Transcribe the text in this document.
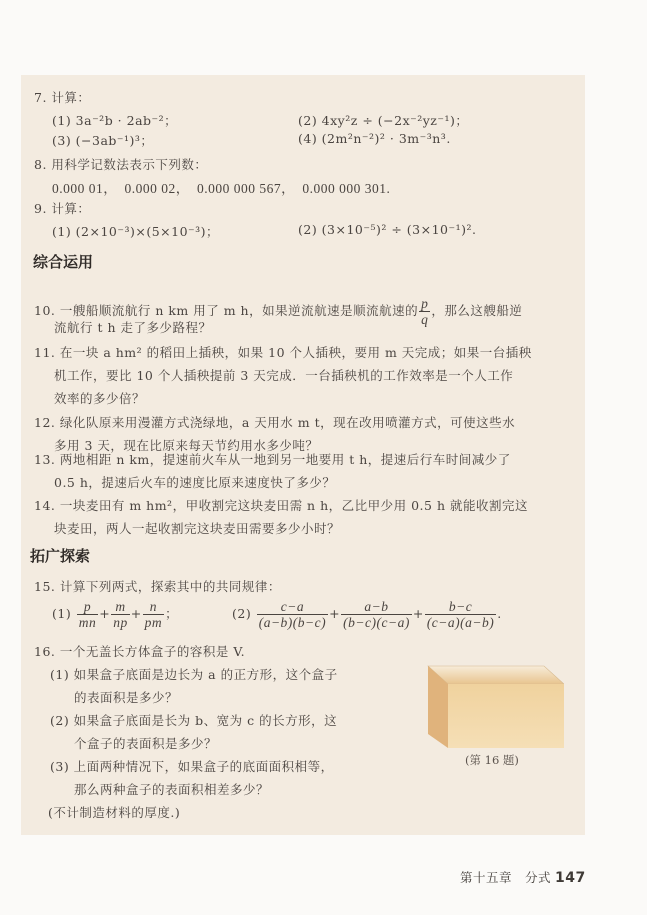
7. 计算：
(1) 3a⁻²b · 2ab⁻²；	(2) 4xy²z ÷ (−2x⁻²yz⁻¹)；
(3) (−3ab⁻¹)³；	(4) (2m²n⁻²)² · 3m⁻³n³.
8. 用科学记数法表示下列数：
0.000 01，　0.000 02，　0.000 000 567，　0.000 000 301.
9. 计算：
(1) (2×10⁻³)×(5×10⁻³)；	(2) (3×10⁻⁵)² ÷ (3×10⁻¹)².
综合运用
10. 一艘船顺流航行 n km 用了 m h，如果逆流航速是顺流航速的 $\frac{p}{q}$ ，那么这艘船逆
流航行 t h 走了多少路程？
11. 在一块 a hm² 的稻田上插秧，如果 10 个人插秧，要用 m 天完成；如果一台插秧
机工作，要比 10 个人插秧提前 3 天完成．一台插秧机的工作效率是一个人工作
效率的多少倍？
12. 绿化队原来用漫灌方式浇绿地，a 天用水 m t，现在改用喷灌方式，可使这些水
多用 3 天，现在比原来每天节约用水多少吨？
13. 两地相距 n km，提速前火车从一地到另一地要用 t h，提速后行车时间减少了
0.5 h，提速后火车的速度比原来速度快了多少？
14. 一块麦田有 m hm²，甲收割完这块麦田需 n h，乙比甲少用 0.5 h 就能收割完这
块麦田，两人一起收割完这块麦田需要多少小时？
拓广探索
15. 计算下列两式，探索其中的共同规律：
$(1) \frac{p}{mn} + \frac{m}{np} + \frac{n}{pm}$ ；	$(2) \frac{c-a}{(a-b)(b-c)} + \frac{a-b}{(b-c)(c-a)} + \frac{b-c}{(c-a)(a-b)}$ .
16. 一个无盖长方体盒子的容积是 V.
(1) 如果盒子底面是边长为 a 的正方形，这个盒子
的表面积是多少？
(2) 如果盒子底面是长为 b、宽为 c 的长方形，这
个盒子的表面积是多少？
(3) 上面两种情况下，如果盒子的底面面积相等，
那么两种盒子的表面积相差多少？
(不计制造材料的厚度.)
(第 16 题)
第十五章　分式 147
